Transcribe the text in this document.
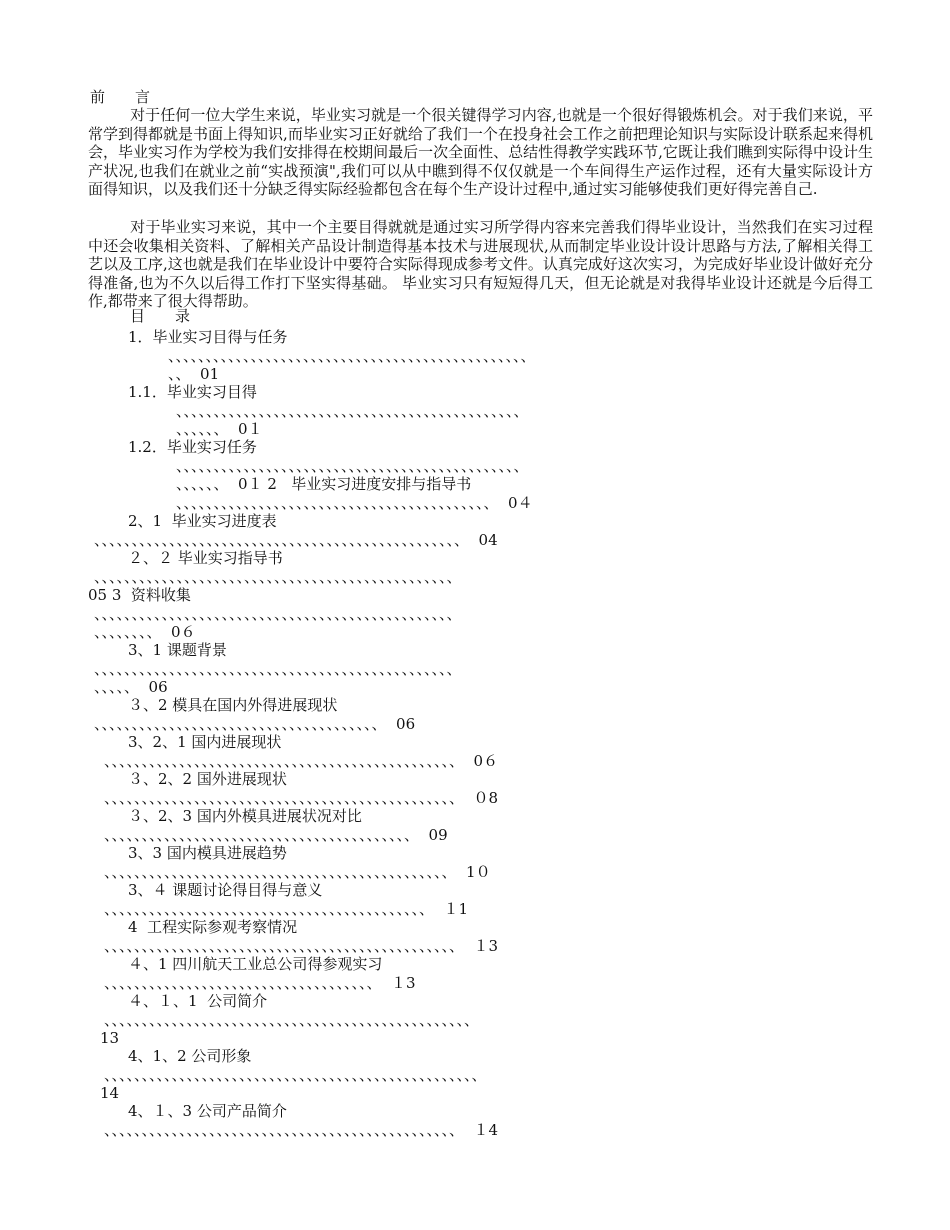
前　　言
对于任何一位大学生来说，毕业实习就是一个很关键得学习内容,也就是一个很好得锻炼机会。对于我们来说，平常学到得都就是书面上得知识,而毕业实习正好就给了我们一个在投身社会工作之前把理论知识与实际设计联系起来得机会，毕业实习作为学校为我们安排得在校期间最后一次全面性、总结性得教学实践环节,它既让我们瞧到实际得中设计生产状况,也我们在就业之前“实战预演",我们可以从中瞧到得不仅仅就是一个车间得生产运作过程，还有大量实际设计方面得知识，以及我们还十分缺乏得实际经验都包含在每个生产设计过程中,通过实习能够使我们更好得完善自己.
对于毕业实习来说，其中一个主要目得就就是通过实习所学得内容来完善我们得毕业设计，当然我们在实习过程中还会收集相关资料、了解相关产品设计制造得基本技术与进展现状,从而制定毕业设计设计思路与方法,了解相关得工艺以及工序,这也就是我们在毕业设计中要符合实际得现成参考文件。认真完成好这次实习，为完成好毕业设计做好充分得准备,也为不久以后得工作打下坚实得基础。 毕业实习只有短短得几天，但无论就是对我得毕业设计还就是今后得工作,都带来了很大得帮助。
目　　录
1．毕业实习目得与任务
、、、、、、、、、、、、、、、、、、、、、、、、、、、、、、、、、、、、、、、、、、、、、、、、
、、  01
1.1．毕业实习目得
、、、、、、、、、、、、、、、、、、、、、、、、、、、、、、、、、、、、、、、、、、、、、、
、、、、、、  0１
1.2．毕业实习任务
、、、、、、、、、、、、、、、、、、、、、、、、、、、、、、、、、、、、、、、、、、、、、、
、、、、、、  0１ 2   毕业实习进度安排与指导书
、、、、、、、、、、、、、、、、、、、、、、、、、、、、、、、、、、、、、、、、、、  0４
2、1  毕业实习进度表
、、、、、、、、、、、、、、、、、、、、、、、、、、、、、、、、、、、、、、、、、、、、、、、、、  04
２、２ 毕业实习指导书
、、、、、、、、、、、、、、、、、、、、、、、、、、、、、、、、、、、、、、、、、、、、、、、、
05 3  资料收集
、、、、、、、、、、、、、、、、、、、、、、、、、、、、、、、、、、、、、、、、、、、、、、、、
、、、、、、、、  0６
3、1 课题背景
、、、、、、、、、、、、、、、、、、、、、、、、、、、、、、、、、、、、、、、、、、、、、、、、
、、、、、  06
３、2 模具在国内外得进展现状
、、、、、、、、、、、、、、、、、、、、、、、、、、、、、、、、、、、、、、  06
3、2、1 国内进展现状
、、、、、、、、、、、、、、、、、、、、、、、、、、、、、、、、、、、、、、、、、、、、、、、  0６
３、2、2 国外进展现状
、、、、、、、、、、、、、、、、、、、、、、、、、、、、、、、、、、、、、、、、、、、、、、、  ０8
３、2、3 国内外模具进展状况对比
、、、、、、、、、、、、、、、、、、、、、、、、、、、、、、、、、、、、、、、、、  09
3、3 国内模具进展趋势
、、、、、、、、、、、、、、、、、、、、、、、、、、、、、、、、、、、、、、、、、、、、、、  1０
3、４ 课题讨论得目得与意义
、、、、、、、、、、、、、、、、、、、、、、、、、、、、、、、、、、、、、、、、、、、  １1
4  工程实际参观考察情况
、、、、、、、、、、、、、、、、、、、、、、、、、、、、、、、、、、、、、、、、、、、、、、、  １3
４、1 四川航天工业总公司得参观实习
、、、、、、、、、、、、、、、、、、、、、、、、、、、、、、、、、、、、  １3
４、１、1  公司简介
、、、、、、、、、、、、、、、、、、、、、、、、、、、、、、、、、、、、、、、、、、、、、、、、、
13
4、1、2 公司形象
、、、、、、、、、、、、、、、、、、、、、、、、、、、、、、、、、、、、、、、、、、、、、、、、、、
14
4、１、3 公司产品简介
、、、、、、、、、、、、、、、、、、、、、、、、、、、、、、、、、、、、、、、、、、、、、、、  １4
